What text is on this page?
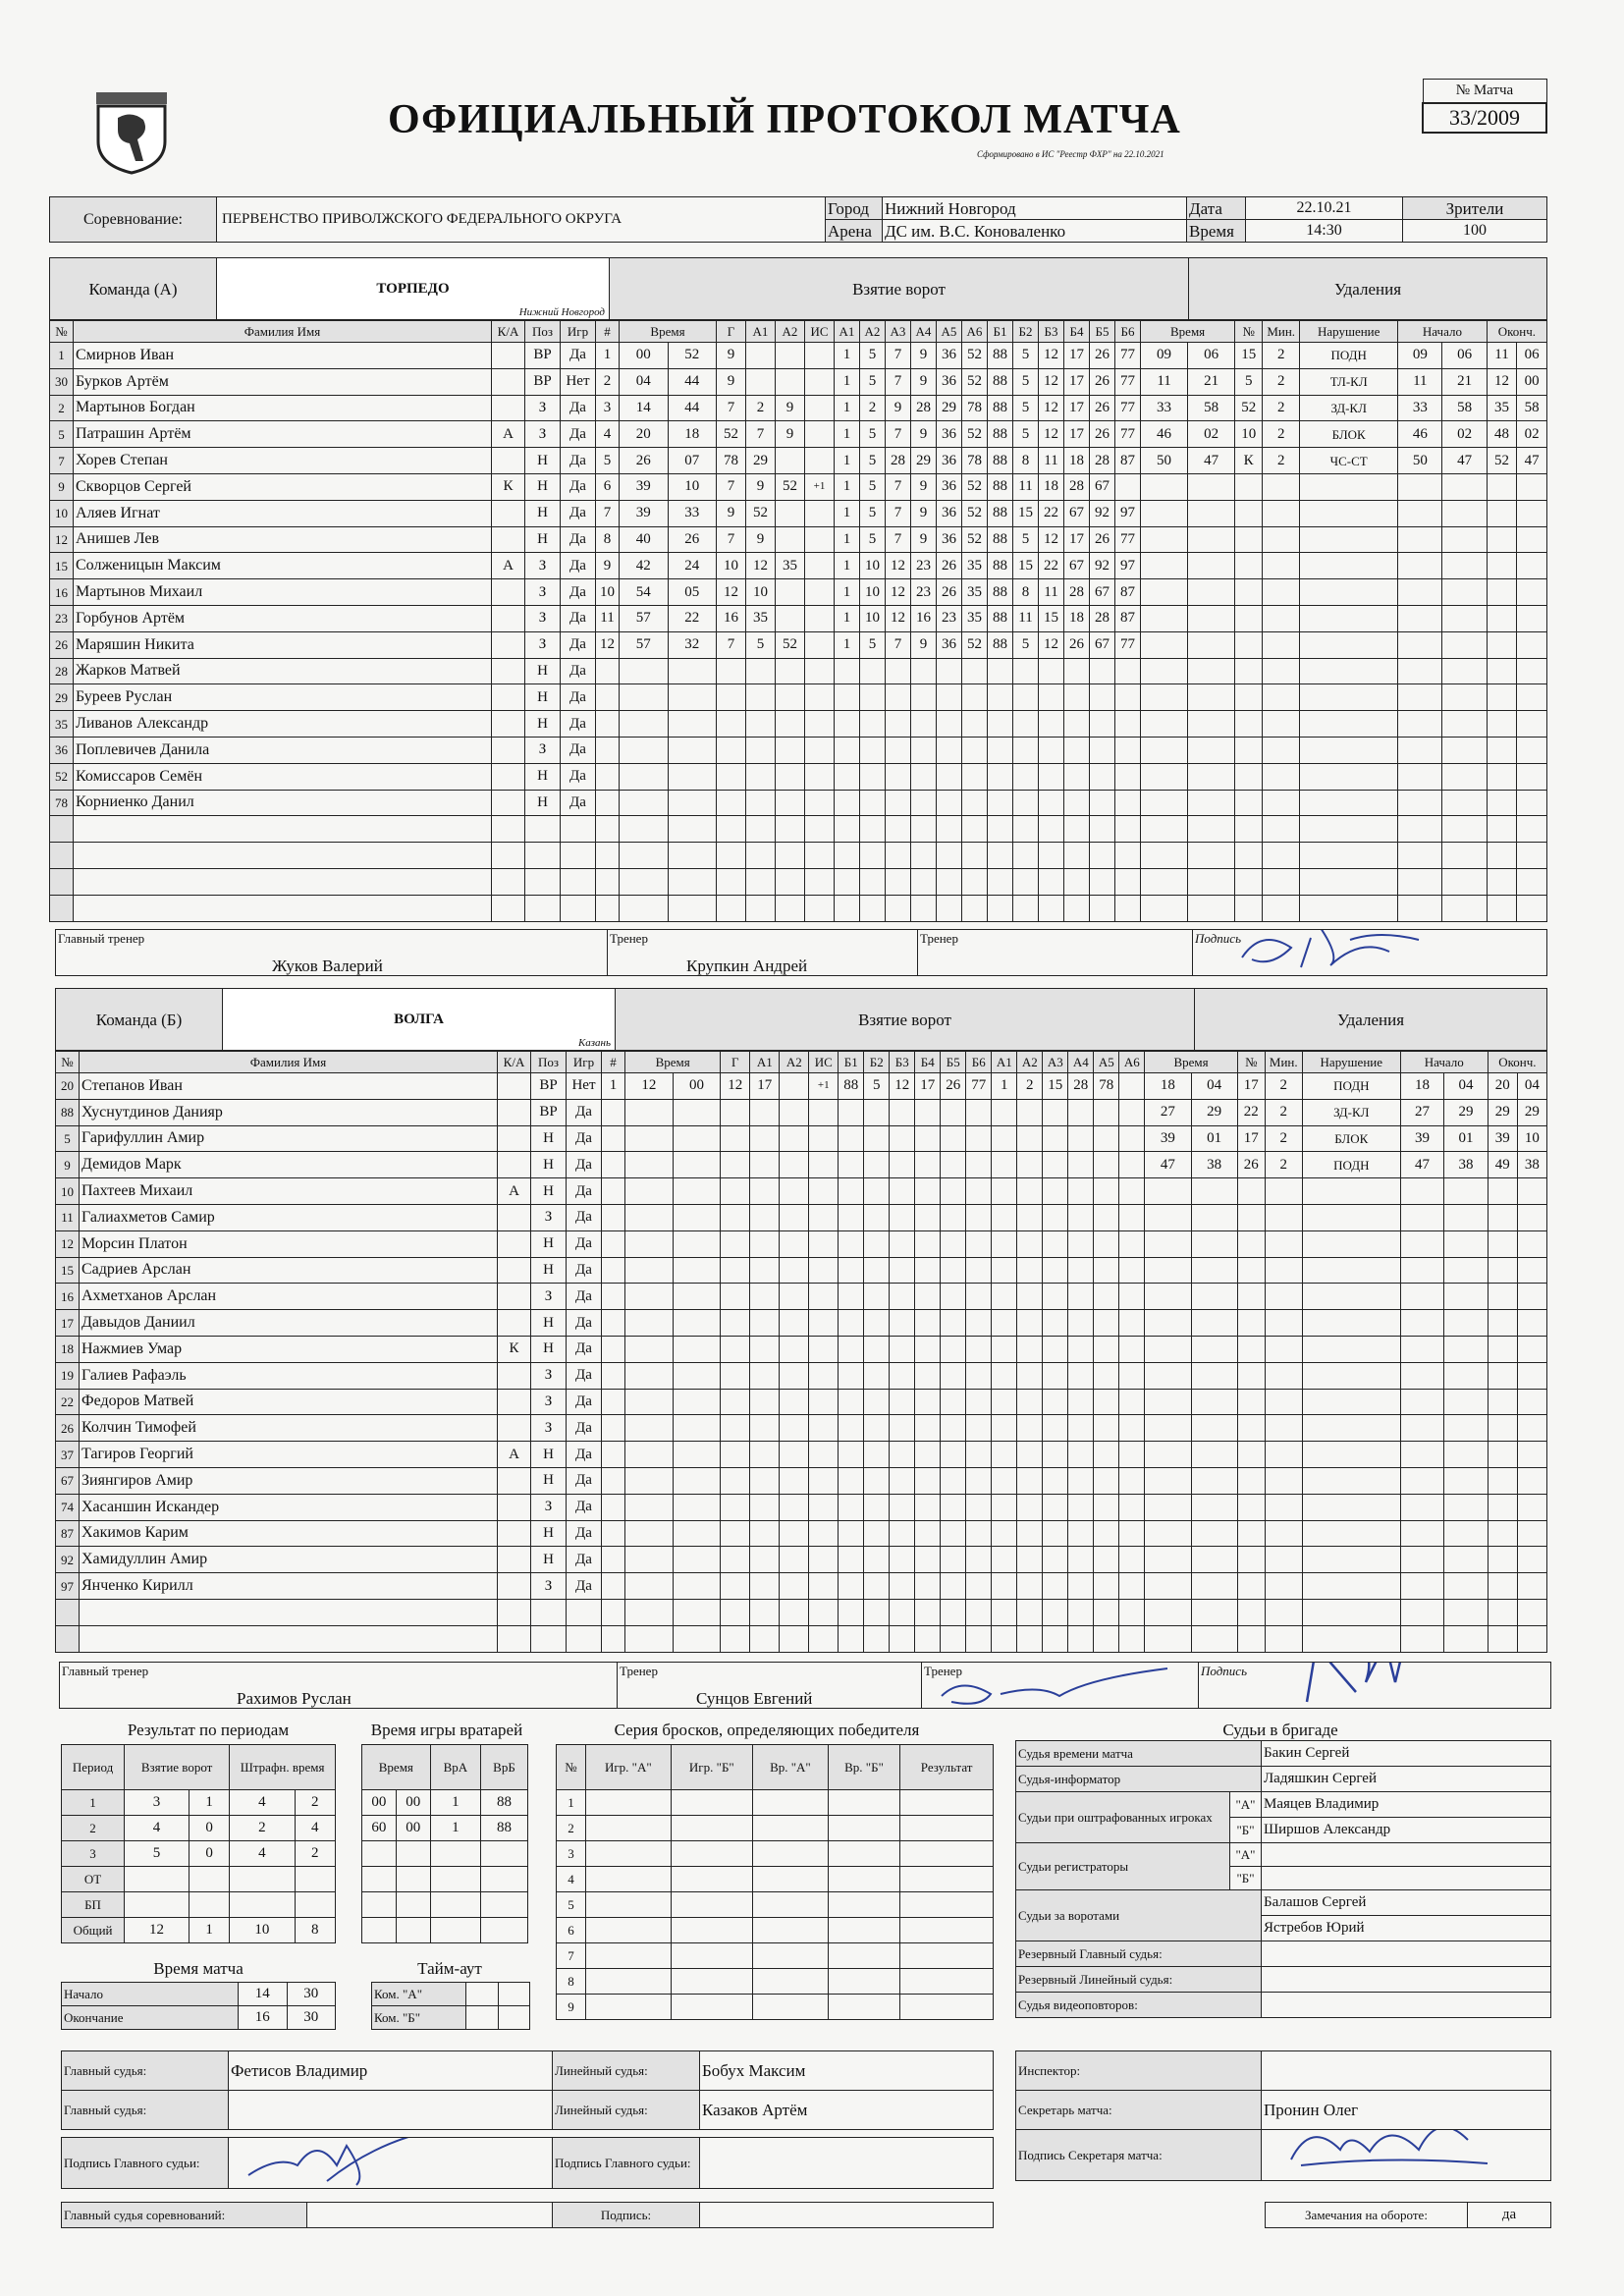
ОФИЦИАЛЬНЫЙ ПРОТОКОЛ МАТЧА
Сформировано в ИС "Реестр ФХР" на 22.10.2021
№ Матча
33/2009
Соревнование:	ПЕРВЕНСТВО ПРИВОЛЖСКОГО ФЕДЕРАЛЬНОГО ОКРУГА	Город	Нижний Новгород	Дата	22.10.21	Зрители
		Арена	ДС им. В.С. Коноваленко	Время	14:30	100
Команда (А)	ТОРПЕДО
Нижний Новгород
	Взятие ворот	Удаления
№	Фамилия Имя	К/А	Поз	Игр	#	Время		Г	А1	А2	ИС	А1	А2	А3	А4	А5	А6	Б1	Б2	Б3	Б4	Б5	Б6	Время		№	Мин.	Нарушение	Начало		Оконч.	
1	Смирнов Иван		ВР	Да	1	00	52	9				1	5	7	9	36	52	88	5	12	17	26	77	09	06	15	2	ПОДН	09	06	11	06
30	Бурков Артём		ВР	Нет	2	04	44	9				1	5	7	9	36	52	88	5	12	17	26	77	11	21	5	2	ТЛ-КЛ	11	21	12	00
2	Мартынов Богдан		З	Да	3	14	44	7	2	9		1	2	9	28	29	78	88	5	12	17	26	77	33	58	52	2	ЗД-КЛ	33	58	35	58
5	Патрашин Артём	А	З	Да	4	20	18	52	7	9		1	5	7	9	36	52	88	5	12	17	26	77	46	02	10	2	БЛОК	46	02	48	02
7	Хорев Степан		Н	Да	5	26	07	78	29			1	5	28	29	36	78	88	8	11	18	28	87	50	47	К	2	ЧС-СТ	50	47	52	47
9	Скворцов Сергей	К	Н	Да	6	39	10	7	9	52	+1	1	5	7	9	36	52	88	11	18	28	67										
10	Аляев Игнат		Н	Да	7	39	33	9	52			1	5	7	9	36	52	88	15	22	67	92	97									
12	Анишев Лев		Н	Да	8	40	26	7	9			1	5	7	9	36	52	88	5	12	17	26	77									
15	Солженицын Максим	А	З	Да	9	42	24	10	12	35		1	10	12	23	26	35	88	15	22	67	92	97									
16	Мартынов Михаил		З	Да	10	54	05	12	10			1	10	12	23	26	35	88	8	11	28	67	87									
23	Горбунов Артём		З	Да	11	57	22	16	35			1	10	12	16	23	35	88	11	15	18	28	87									
26	Маряшин Никита		З	Да	12	57	32	7	5	52		1	5	7	9	36	52	88	5	12	26	67	77									
28	Жарков Матвей		Н	Да																												
29	Буреев Руслан		Н	Да																												
35	Ливанов Александр		Н	Да																												
36	Поплевичев Данила		З	Да																												
52	Комиссаров Семён		Н	Да																												
78	Корниенко Данил		Н	Да																												

Главный тренер
Жуков Валерий

Тренер
Крупкин Андрей

Тренер	Подпись
Команда (Б)	ВОЛГА
Казань
	Взятие ворот	Удаления
№	Фамилия Имя	К/А	Поз	Игр	#	Время		Г	А1	А2	ИС	Б1	Б2	Б3	Б4	Б5	Б6	А1	А2	А3	А4	А5	А6	Время		№	Мин.	Нарушение	Начало		Оконч.	
20	Степанов Иван		ВР	Нет	1	12	00	12	17		+1	88	5	12	17	26	77	1	2	15	28	78		18	04	17	2	ПОДН	18	04	20	04
88	Хуснутдинов Данияр		ВР	Да																				27	29	22	2	ЗД-КЛ	27	29	29	29
5	Гарифуллин Амир		Н	Да																				39	01	17	2	БЛОК	39	01	39	10
9	Демидов Марк		Н	Да																				47	38	26	2	ПОДН	47	38	49	38
10	Пахтеев Михаил	А	Н	Да																												
11	Галиахметов Самир		З	Да																												
12	Морсин Платон		Н	Да																												
15	Садриев Арслан		Н	Да																												
16	Ахметханов Арслан		З	Да																												
17	Давыдов Даниил		Н	Да																												
18	Нажмиев Умар	К	Н	Да																												
19	Галиев Рафаэль		З	Да																												
22	Федоров Матвей		З	Да																												
26	Колчин Тимофей		З	Да																												
37	Тагиров Георгий	А	Н	Да																												
67	Зиянгиров Амир		Н	Да																												
74	Хасаншин Искандер		З	Да																												
87	Хакимов Карим		Н	Да																												
92	Хамидуллин Амир		Н	Да																												
97	Янченко Кирилл		З	Да																												

Главный тренер
Рахимов Руслан

Тренер
Сунцов Евгений

Тренер	Подпись
Результат по периодам
Период	Взятие ворот		Штрафн. время	
1	3	1	4	2
2	4	0	2	4
3	5	0	4	2
ОТ				
БП				
Общий	12	1	10	8
Время игры вратарей
Время		ВрА	ВрБ
00	00	1	88
60	00	1	88

Время матча
Начало	14	30
Окончание	16	30
Тайм-аут
Ком. "А"		
Ком. "Б"		
Серия бросков, определяющих победителя
№	Игр. "А"	Игр. "Б"	Вр. "А"	Вр. "Б"	Результат
1					
2					
3					
4					
5					
6					
7					
8					
9					
Судьи в бригаде
Судья времени матча		Бакин Сергей
Судья-информатор		Ладяшкин Сергей
Судьи при оштрафованных игроках	"А"	Маяцев Владимир
	"Б"	Ширшов Александр
Судьи регистраторы	"А"	
	"Б"	
Судьи за воротами		Балашов Сергей
		Ястребов Юрий
Резервный Главный судья:		
Резервный Линейный судья:		
Судья видеоповторов:		
Главный судья:	Фетисов Владимир	Линейный судья:	Бобух Максим
Главный судья:		Линейный судья:	Казаков Артём
Подпись Главного судьи:		Подпись Главного судьи:	
Главный судья соревнований:		Подпись:	
Инспектор:	
Секретарь матча:	Пронин Олег
Подпись Секретаря матча:	
Замечания на обороте:	да
